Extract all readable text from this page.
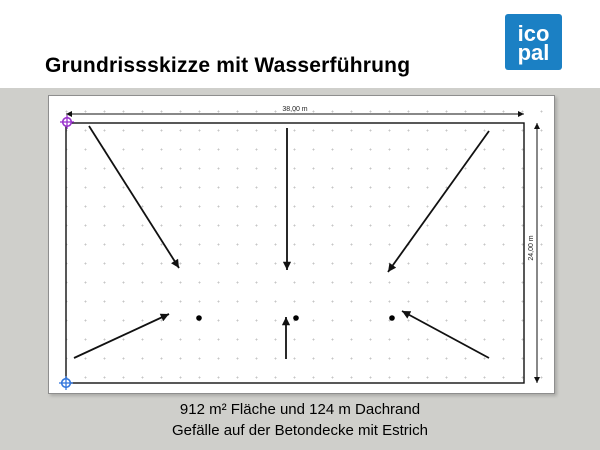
Grundrissskizze mit Wasserführung
ico
pal
38,00 m
24,00 m
912 m² Fläche und 124 m Dachrand
Gefälle auf der Betondecke mit Estrich
